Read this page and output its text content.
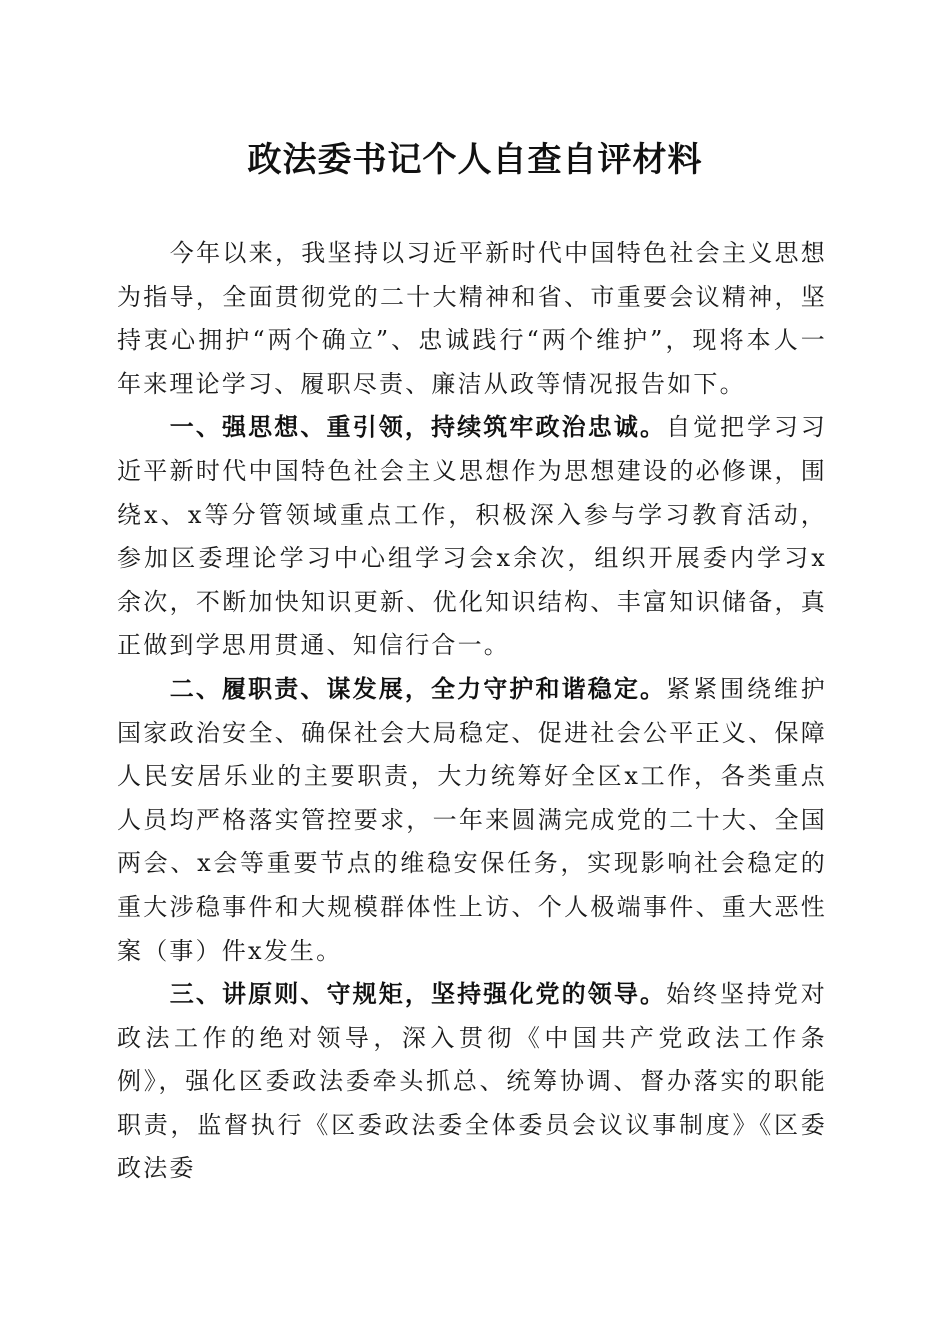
政法委书记个人自查自评材料

今年以来，我坚持以习近平新时代中国特色社会主义思想为指导，全面贯彻党的二十大精神和省、市重要会议精神，坚持衷心拥护“两个确立”、忠诚践行“两个维护”，现将本人一年来理论学习、履职尽责、廉洁从政等情况报告如下。

一、强思想、重引领，持续筑牢政治忠诚。自觉把学习习近平新时代中国特色社会主义思想作为思想建设的必修课，围绕x、x等分管领域重点工作，积极深入参与学习教育活动，参加区委理论学习中心组学习会x余次，组织开展委内学习x余次，不断加快知识更新、优化知识结构、丰富知识储备，真正做到学思用贯通、知信行合一。

二、履职责、谋发展，全力守护和谐稳定。紧紧围绕维护国家政治安全、确保社会大局稳定、促进社会公平正义、保障人民安居乐业的主要职责，大力统筹好全区x工作，各类重点人员均严格落实管控要求，一年来圆满完成党的二十大、全国两会、x会等重要节点的维稳安保任务，实现影响社会稳定的重大涉稳事件和大规模群体性上访、个人极端事件、重大恶性案（事）件x发生。

三、讲原则、守规矩，坚持强化党的领导。始终坚持党对政法工作的绝对领导，深入贯彻《中国共产党政法工作条例》，强化区委政法委牵头抓总、统筹协调、督办落实的职能职责，监督执行《区委政法委全体委员会议议事制度》《区委政法委
